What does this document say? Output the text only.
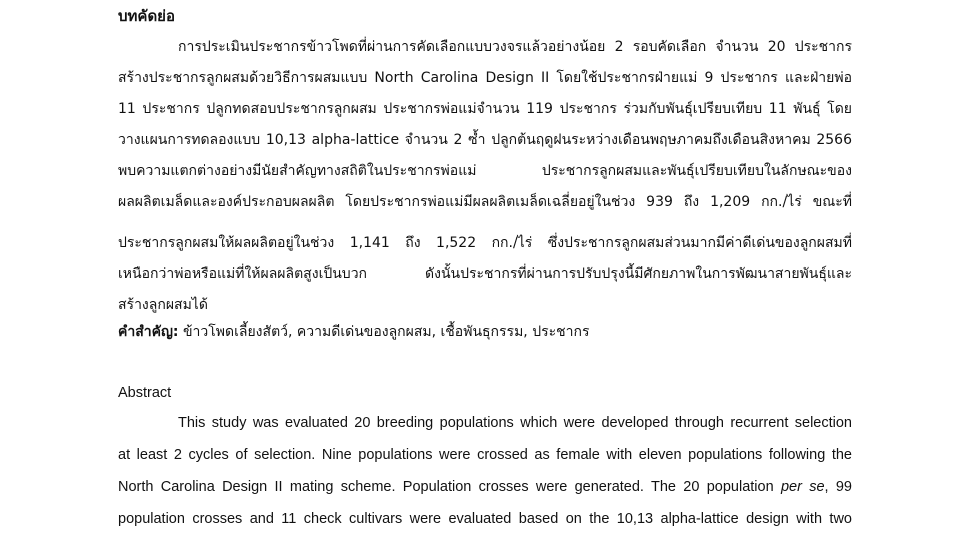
บทคัดย่อ
การประเมินประชากรข้าวโพดที่ผ่านการคัดเลือกแบบวงจรแล้วอย่างน้อย 2 รอบคัดเลือก จำนวน 20 ประชากร
สร้างประชากรลูกผสมด้วยวิธีการผสมแบบ North Carolina Design II โดยใช้ประชากรฝ่ายแม่ 9 ประชากร และฝ่ายพ่อ
11 ประชากร ปลูกทดสอบประชากรลูกผสม ประชากรพ่อแม่จำนวน 119 ประชากร ร่วมกับพันธุ์เปรียบเทียบ 11 พันธุ์ โดย
วางแผนการทดลองแบบ 10,13 alpha-lattice จำนวน 2 ซ้ำ ปลูกต้นฤดูฝนระหว่างเดือนพฤษภาคมถึงเดือนสิงหาคม 2566
พบความแตกต่างอย่างมีนัยสำคัญทางสถิติในประชากรพ่อแม่ ประชากรลูกผสมและพันธุ์เปรียบเทียบในลักษณะของ
ผลผลิตเมล็ดและองค์ประกอบผลผลิต โดยประชากรพ่อแม่มีผลผลิตเมล็ดเฉลี่ยอยู่ในช่วง 939 ถึง 1,209 กก./ไร่ ขณะที่
ประชากรลูกผสมให้ผลผลิตอยู่ในช่วง 1,141 ถึง 1,522 กก./ไร่ ซึ่งประชากรลูกผสมส่วนมากมีค่าดีเด่นของลูกผสมที่
เหนือกว่าพ่อหรือแม่ที่ให้ผลผลิตสูงเป็นบวก ดังนั้นประชากรที่ผ่านการปรับปรุงนี้มีศักยภาพในการพัฒนาสายพันธุ์และ
สร้างลูกผสมได้
คำสำคัญ: ข้าวโพดเลี้ยงสัตว์, ความดีเด่นของลูกผสม, เชื้อพันธุกรรม, ประชากร
Abstract
This study was evaluated 20 breeding populations which were developed through recurrent selection
at least 2 cycles of selection. Nine populations were crossed as female with eleven populations following the
North Carolina Design II mating scheme. Population crosses were generated. The 20 population per se, 99
population crosses and 11 check cultivars were evaluated based on the 10,13 alpha-lattice design with two
